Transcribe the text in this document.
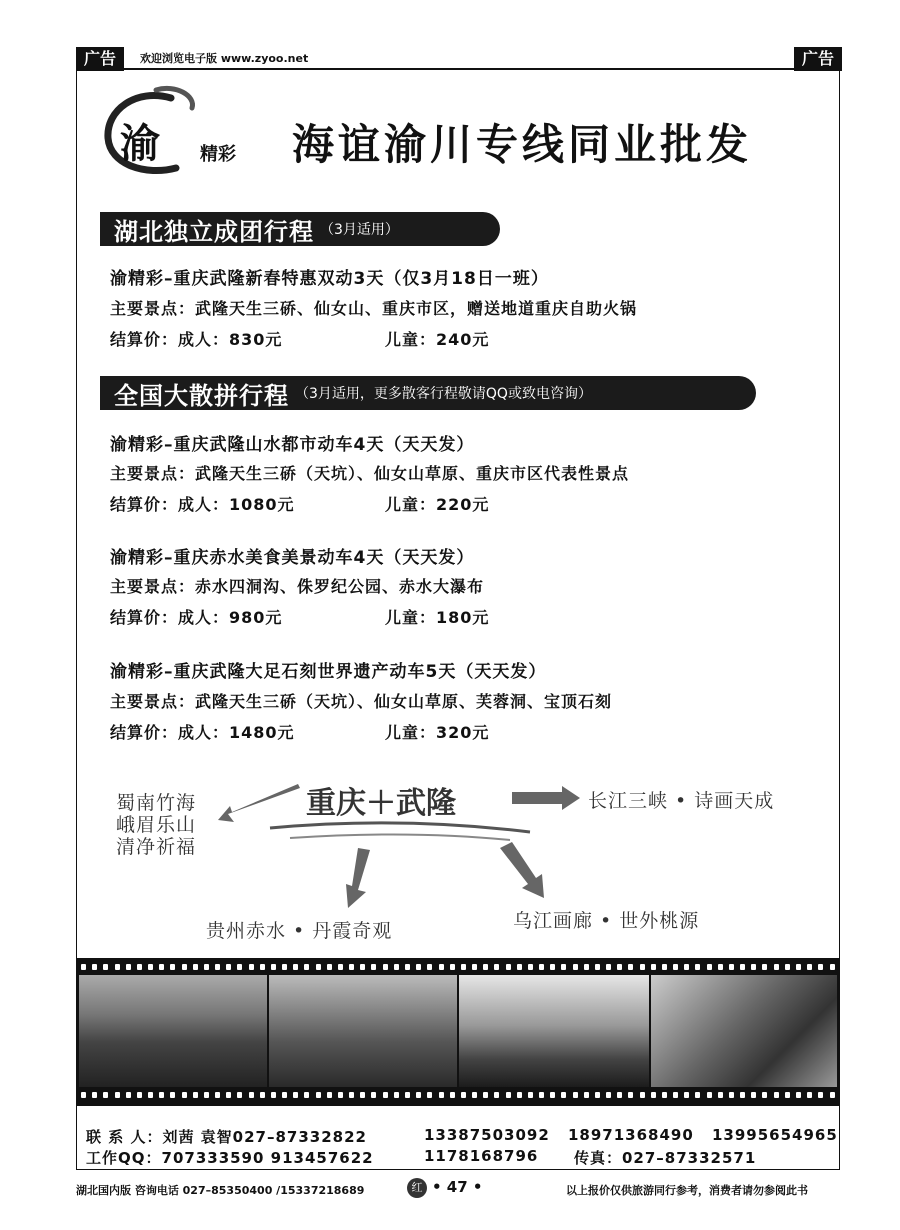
广告	欢迎浏览电子版 www.zyoo.net	广告
渝 精彩 海谊渝川专线同业批发
湖北独立成团行程 （3月适用）
渝精彩–重庆武隆新春特惠双动3天（仅3月18日一班）
主要景点：武隆天生三硚、仙女山、重庆市区，赠送地道重庆自助火锅
结算价：成人：830元	儿童：240元
全国大散拼行程 （3月适用，更多散客行程敬请QQ或致电咨询）
渝精彩–重庆武隆山水都市动车4天（天天发）
主要景点：武隆天生三硚（天坑）、仙女山草原、重庆市区代表性景点
结算价：成人：1080元	儿童：220元
渝精彩–重庆赤水美食美景动车4天（天天发）
主要景点：赤水四洞沟、侏罗纪公园、赤水大瀑布
结算价：成人：980元	儿童：180元
渝精彩–重庆武隆大足石刻世界遗产动车5天（天天发）
主要景点：武隆天生三硚（天坑）、仙女山草原、芙蓉洞、宝顶石刻
结算价：成人：1480元	儿童：320元
重庆＋武隆
蜀南竹海
峨眉乐山
清净祈福
长江三峡 • 诗画天成
贵州赤水 • 丹霞奇观	乌江画廊 • 世外桃源
联 系 人：刘茜 袁智027–87332822	13387503092 18971368490 13995654965
工作QQ：707333590 913457622	1178168796 传真：027–87332571
湖北国内版 咨询电话 027–85350400 /15337218689	红 • 47 •	以上报价仅供旅游同行参考，消费者请勿参阅此书
